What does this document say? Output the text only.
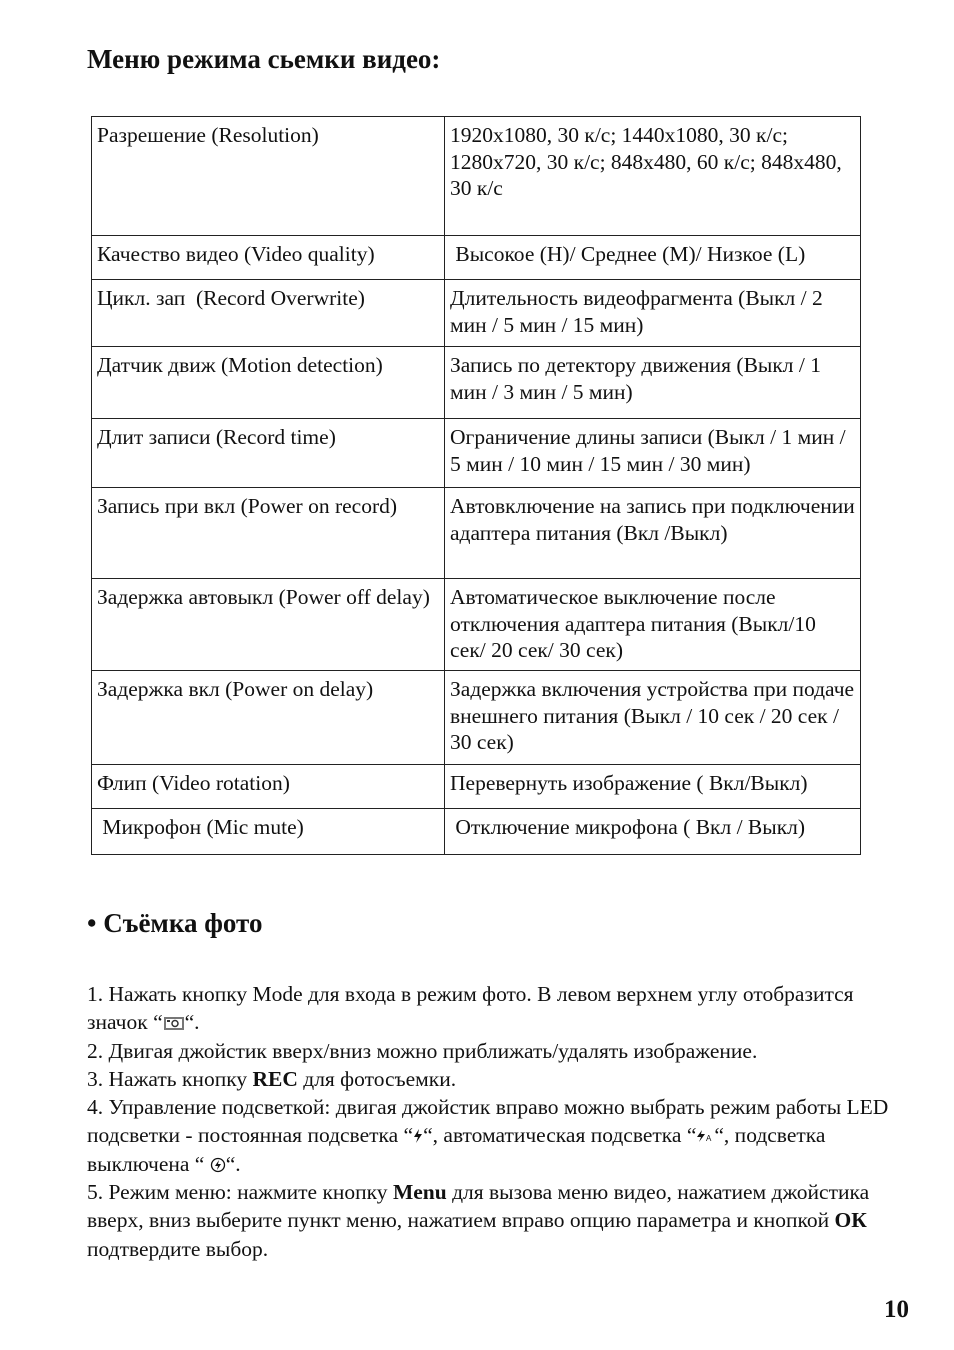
Меню режима сьемки видео:
Разрешение (Resolution)	1920x1080, 30 к/с; 1440x1080, 30 к/с; 1280x720, 30 к/с; 848x480, 60 к/с; 848x480, 30 к/с
Качество видео (Video quality)	Высокое (H)/ Среднее (M)/ Низкое (L)
Цикл. зап  (Record Overwrite)	Длительность видеофрагмента (Выкл / 2 мин / 5 мин / 15 мин)
Датчик движ (Motion detection)	Запись по детектору движения (Выкл / 1 мин / 3 мин / 5 мин)
Длит записи (Record time)	Ограничение длины записи (Выкл / 1 мин / 5 мин / 10 мин / 15 мин / 30 мин)
Запись при вкл (Power on record)	Автовключение на запись при подключении адаптера питания (Вкл /Выкл)
Задержка автовыкл (Power off delay)	Автоматическое выключение после отключения адаптера питания (Выкл/10 сек/ 20 сек/ 30 сек)
Задержка вкл (Power on delay)	Задержка включения устройства при подаче внешнего питания (Выкл / 10 сек / 20 сек / 30 сек)
Флип (Video rotation)	Перевернуть изображение ( Вкл/Выкл)
Микрофон (Mic mute)	Отключение микрофона ( Вкл / Выкл)
• Съёмка фото

1. Нажать кнопку Mode для входа в режим фото. В левом верхнем углу отобразится значок “ “.

2. Двигая джойстик вверх/вниз можно приближать/удалять изображение.

3. Нажать кнопку REC для фотосъемки.

4. Управление подсветкой: двигая джойстик вправо можно выбрать режим работы LED подсветки - постоянная подсветка “ “, автоматическая подсветка “ A “, подсветка выключена “ “.

5. Режим меню: нажмите кнопку Menu для вызова меню видео, нажатием джойстика вверх, вниз выберите пункт меню, нажатием вправо опцию параметра и кнопкой ОК подтвердите выбор.

10
